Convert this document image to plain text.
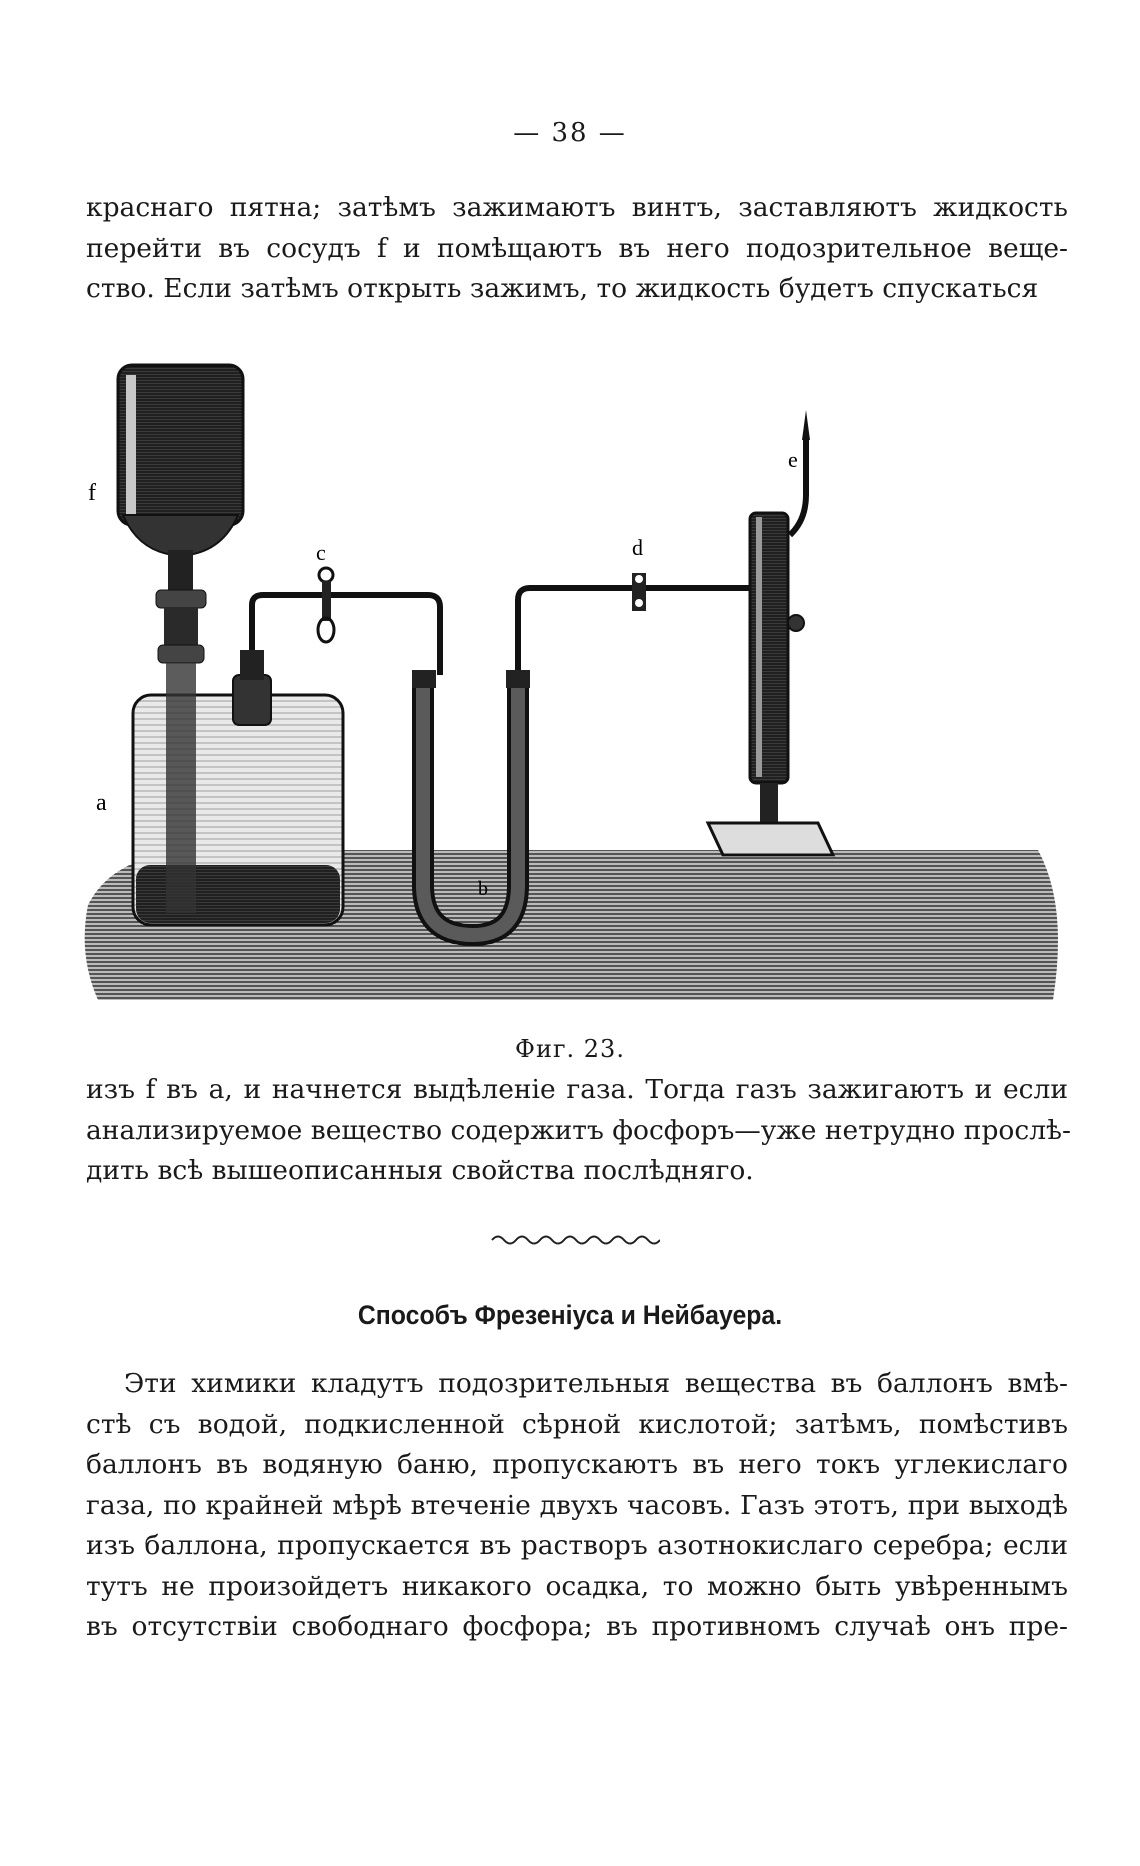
— 38 —

краснаго пятна; затѣмъ зажимаютъ винтъ, заставляютъ жидкость
перейти въ сосудъ f и помѣщаютъ въ него подозрительное веще-
ство. Если затѣмъ открыть зажимъ, то жидкость будетъ спускаться

f
a
c
b
d
e
Фиг. 23.

изъ f въ a, и начнется выдѣленіе газа. Тогда газъ зажигаютъ и если
анализируемое вещество содержитъ фосфоръ—уже нетрудно прослѣ-
дить всѣ вышеописанныя свойства послѣдняго.

Способъ Фрезеніуса и Нейбауера.

Эти химики кладутъ подозрительныя вещества въ баллонъ вмѣ-
стѣ съ водой, подкисленной сѣрной кислотой; затѣмъ, помѣстивъ
баллонъ въ водяную баню, пропускаютъ въ него токъ углекислаго
газа, по крайней мѣрѣ втеченіе двухъ часовъ. Газъ этотъ, при выходѣ
изъ баллона, пропускается въ растворъ азотнокислаго серебра; если
тутъ не произойдетъ никакого осадка, то можно быть увѣреннымъ
въ отсутствіи свободнаго фосфора; въ противномъ случаѣ онъ пре-
